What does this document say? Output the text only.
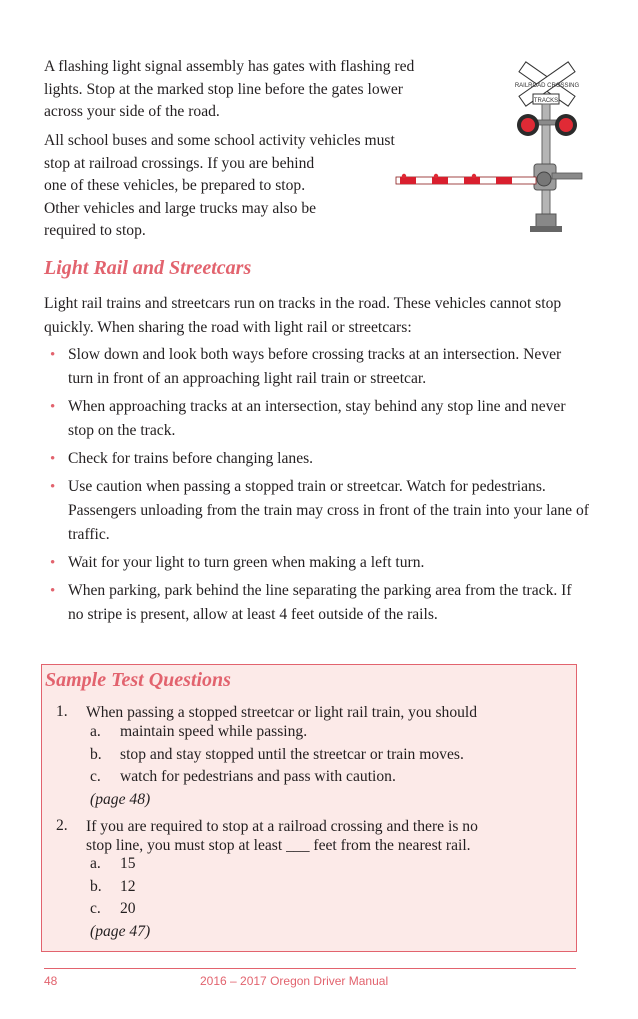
A flashing light signal assembly has gates with flashing red
lights. Stop at the marked stop line before the gates lower
across your side of the road.

All school buses and some school activity vehicles must
stop at railroad crossings. If you are behind
one of these vehicles, be prepared to stop.
Other vehicles and large trucks may also be
required to stop.

RAILROAD CROSSING
TRACKS
Light Rail and Streetcars

Light rail trains and streetcars run on tracks in the road. These vehicles cannot stop quickly. When sharing the road with light rail or streetcars:

• Slow down and look both ways before crossing tracks at an intersection. Never turn in front of an approaching light rail train or streetcar.
• When approaching tracks at an intersection, stay behind any stop line and never stop on the track.
• Check for trains before changing lanes.
• Use caution when passing a stopped train or streetcar. Watch for pedestrians. Passengers unloading from the train may cross in front of the train into your lane of traffic.
• Wait for your light to turn green when making a left turn.
• When parking, park behind the line separating the parking area from the track. If no stripe is present, allow at least 4 feet outside of the rails.
Sample Test Questions
1. When passing a stopped streetcar or light rail train, you should
a. maintain speed while passing.
b. stop and stay stopped until the streetcar or train moves.
c. watch for pedestrians and pass with caution.
(page 48)
2. If you are required to stop at a railroad crossing and there is no
stop line, you must stop at least ___ feet from the nearest rail.
a. 15
b. 12
c. 20
(page 47)
48	2016 – 2017 Oregon Driver Manual
